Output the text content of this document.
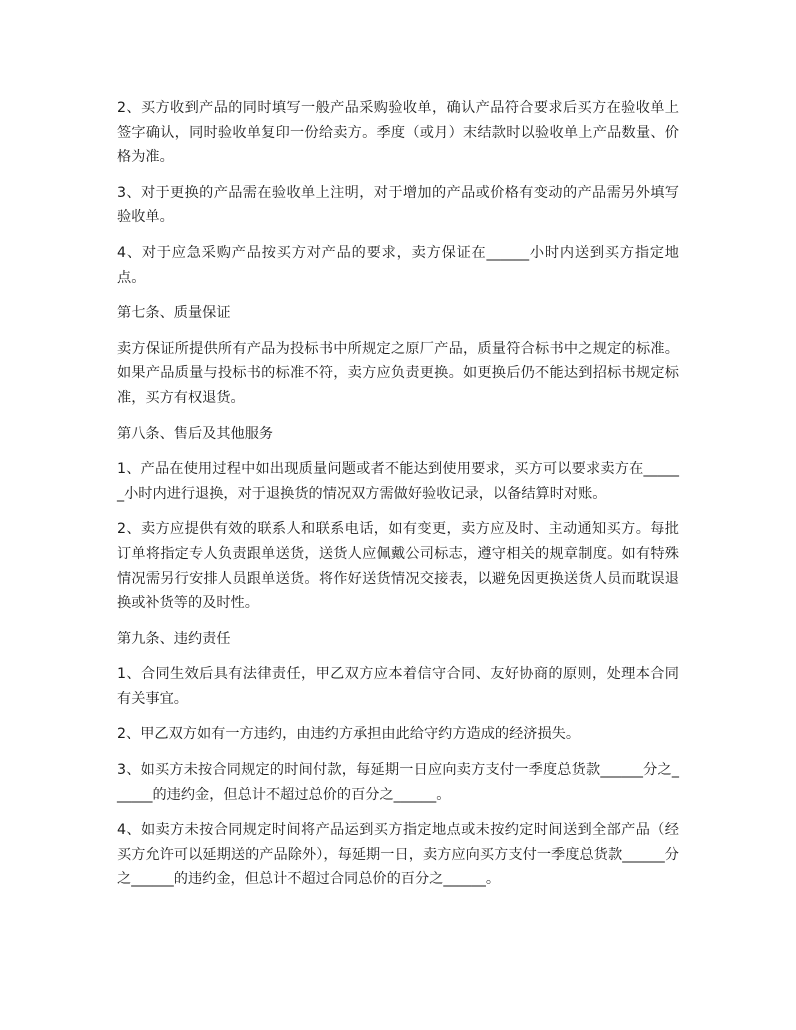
2、买方收到产品的同时填写一般产品采购验收单，确认产品符合要求后买方在验收单上签字确认，同时验收单复印一份给卖方。季度（或月）末结款时以验收单上产品数量、价格为准。

3、对于更换的产品需在验收单上注明，对于增加的产品或价格有变动的产品需另外填写验收单。

4、对于应急采购产品按买方对产品的要求，卖方保证在______小时内送到买方指定地点。

第七条、质量保证

卖方保证所提供所有产品为投标书中所规定之原厂产品，质量符合标书中之规定的标准。如果产品质量与投标书的标准不符，卖方应负责更换。如更换后仍不能达到招标书规定标准，买方有权退货。

第八条、售后及其他服务

1、产品在使用过程中如出现质量问题或者不能达到使用要求，买方可以要求卖方在______小时内进行退换，对于退换货的情况双方需做好验收记录，以备结算时对账。

2、卖方应提供有效的联系人和联系电话，如有变更，卖方应及时、主动通知买方。每批订单将指定专人负责跟单送货，送货人应佩戴公司标志，遵守相关的规章制度。如有特殊情况需另行安排人员跟单送货。将作好送货情况交接表，以避免因更换送货人员而耽误退换或补货等的及时性。

第九条、违约责任

1、合同生效后具有法律责任，甲乙双方应本着信守合同、友好协商的原则，处理本合同有关事宜。

2、甲乙双方如有一方违约，由违约方承担由此给守约方造成的经济损失。

3、如买方未按合同规定的时间付款，每延期一日应向卖方支付一季度总货款______分之______的违约金，但总计不超过总价的百分之______。

4、如卖方未按合同规定时间将产品运到买方指定地点或未按约定时间送到全部产品（经买方允许可以延期送的产品除外），每延期一日，卖方应向买方支付一季度总货款______分之______的违约金，但总计不超过合同总价的百分之______。
